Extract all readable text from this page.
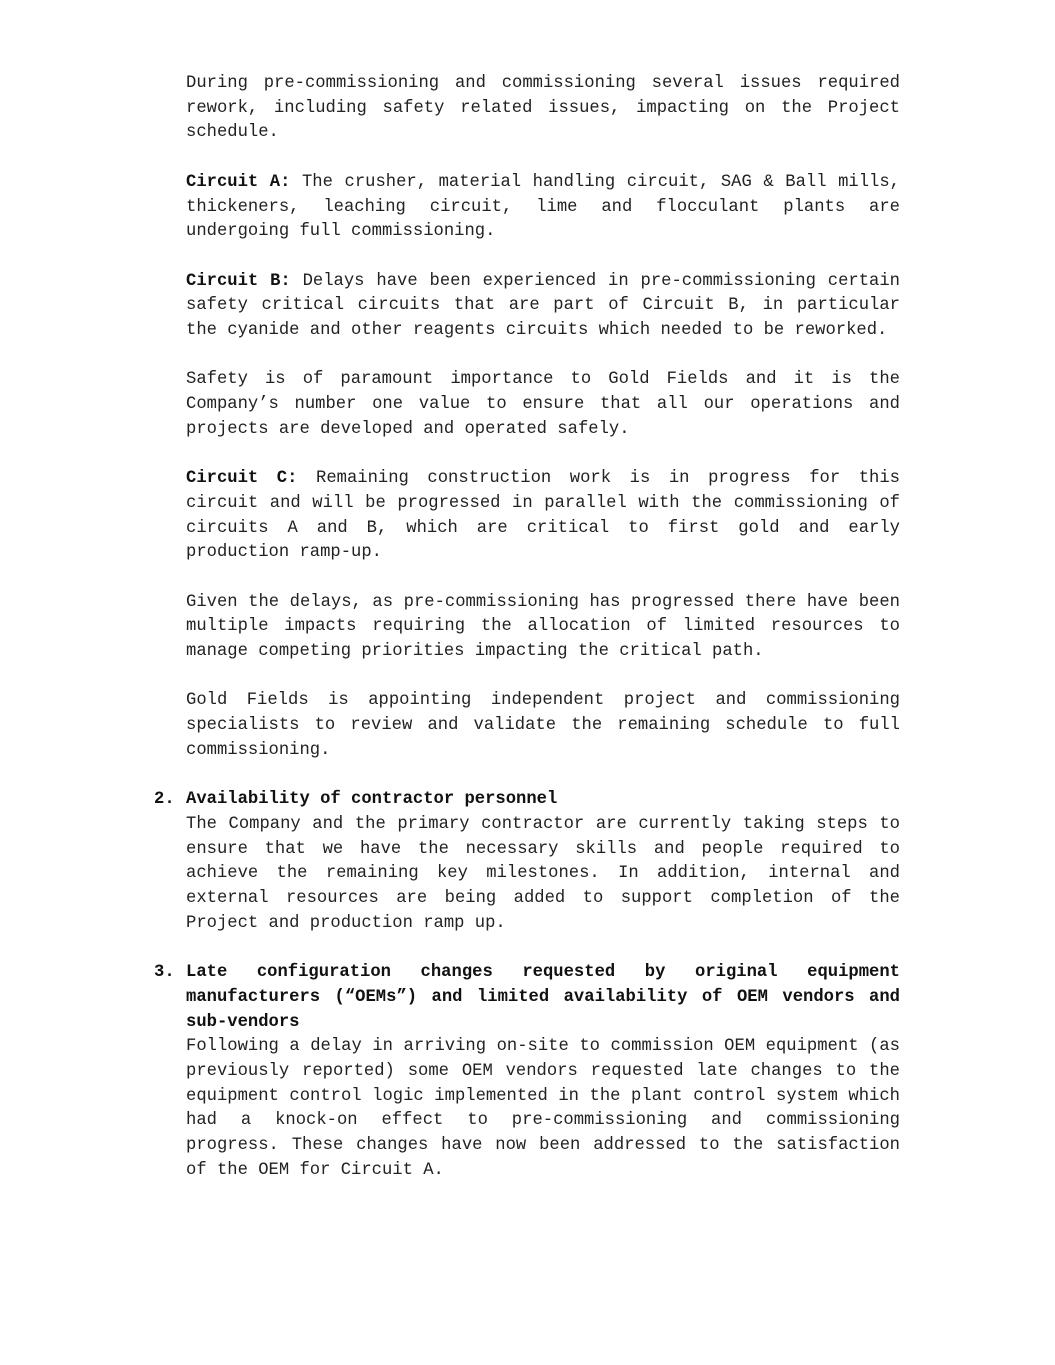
During pre-commissioning and commissioning several issues required rework, including safety related issues, impacting on the Project schedule.

Circuit A: The crusher, material handling circuit, SAG & Ball mills, thickeners, leaching circuit, lime and flocculant plants are undergoing full commissioning.

Circuit B: Delays have been experienced in pre-commissioning certain safety critical circuits that are part of Circuit B, in particular the cyanide and other reagents circuits which needed to be reworked.

Safety is of paramount importance to Gold Fields and it is the Company’s number one value to ensure that all our operations and projects are developed and operated safely.

Circuit C: Remaining construction work is in progress for this circuit and will be progressed in parallel with the commissioning of circuits A and B, which are critical to first gold and early production ramp-up.

Given the delays, as pre-commissioning has progressed there have been multiple impacts requiring the allocation of limited resources to manage competing priorities impacting the critical path.

Gold Fields is appointing independent project and commissioning specialists to review and validate the remaining schedule to full commissioning.

2. Availability of contractor personnel

The Company and the primary contractor are currently taking steps to ensure that we have the necessary skills and people required to achieve the remaining key milestones. In addition, internal and external resources are being added to support completion of the Project and production ramp up.

3. Late configuration changes requested by original equipment manufacturers (“OEMs”) and limited availability of OEM vendors and sub-vendors

Following a delay in arriving on-site to commission OEM equipment (as previously reported) some OEM vendors requested late changes to the equipment control logic implemented in the plant control system which had a knock-on effect to pre-commissioning and commissioning progress. These changes have now been addressed to the satisfaction of the OEM for Circuit A.
